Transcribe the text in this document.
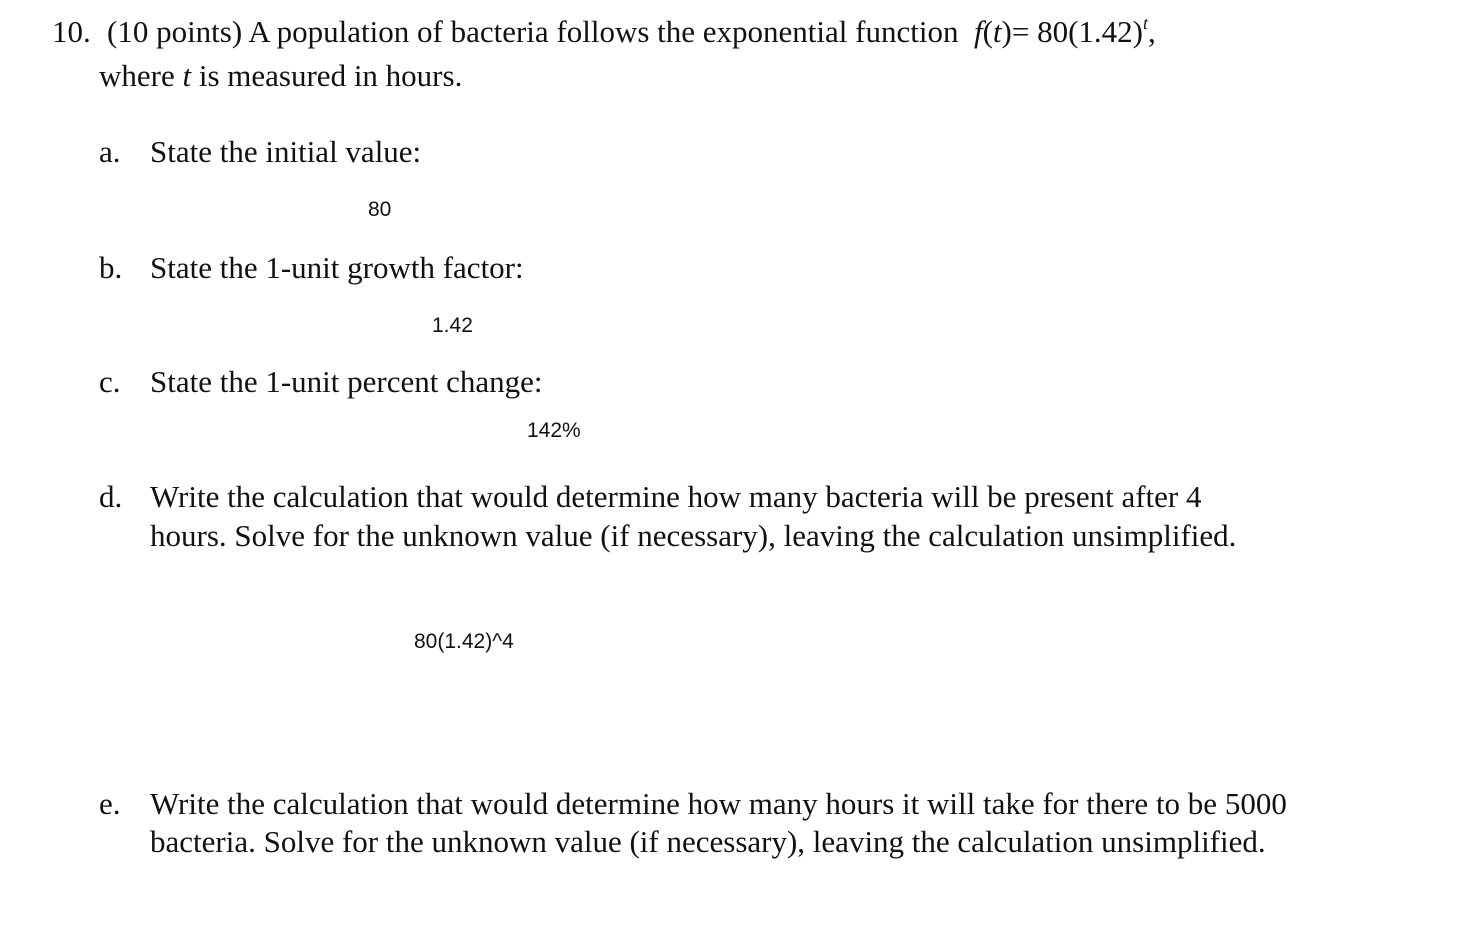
10. (10 points) A population of bacteria follows the exponential function $f(t)= 80(1.42)^t$,
where t is measured in hours.
a. State the initial value:
80
b. State the 1-unit growth factor:
1.42
c. State the 1-unit percent change:
142%
d. Write the calculation that would determine how many bacteria will be present after 4
hours. Solve for the unknown value (if necessary), leaving the calculation unsimplified.
80(1.42)^4
e. Write the calculation that would determine how many hours it will take for there to be 5000
bacteria. Solve for the unknown value (if necessary), leaving the calculation unsimplified.
